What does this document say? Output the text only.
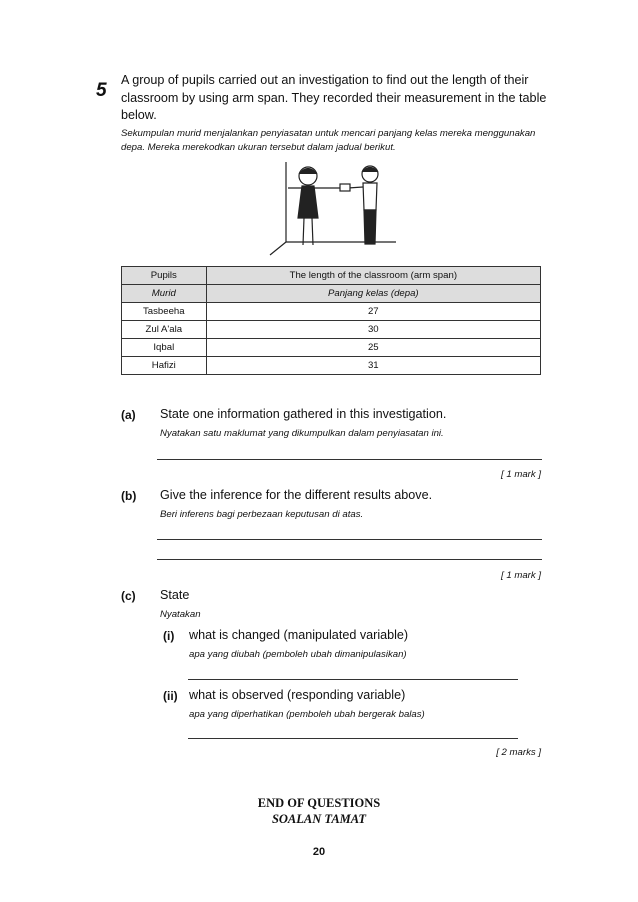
5 A group of pupils carried out an investigation to find out the length of their classroom by using arm span. They recorded their measurement in the table below.
Sekumpulan murid menjalankan penyiasatan untuk mencari panjang kelas mereka menggunakan depa. Mereka merekodkan ukuran tersebut dalam jadual berikut.
Pupils	The length of the classroom (arm span)
Murid	Panjang kelas (depa)
Tasbeeha	27
Zul A'ala	30
Iqbal	25
Hafizi	31
(a) State one information gathered in this investigation.
Nyatakan satu maklumat yang dikumpulkan dalam penyiasatan ini.
[ 1 mark ]
(b) Give the inference for the different results above.
Beri inferens bagi perbezaan keputusan di atas.
[ 1 mark ]
(c) State
Nyatakan
(i) what is changed (manipulated variable)
apa yang diubah (pemboleh ubah dimanipulasikan)
(ii) what is observed (responding variable)
apa yang diperhatikan (pemboleh ubah bergerak balas)
[ 2 marks ]
END OF QUESTIONS
SOALAN TAMAT
20
